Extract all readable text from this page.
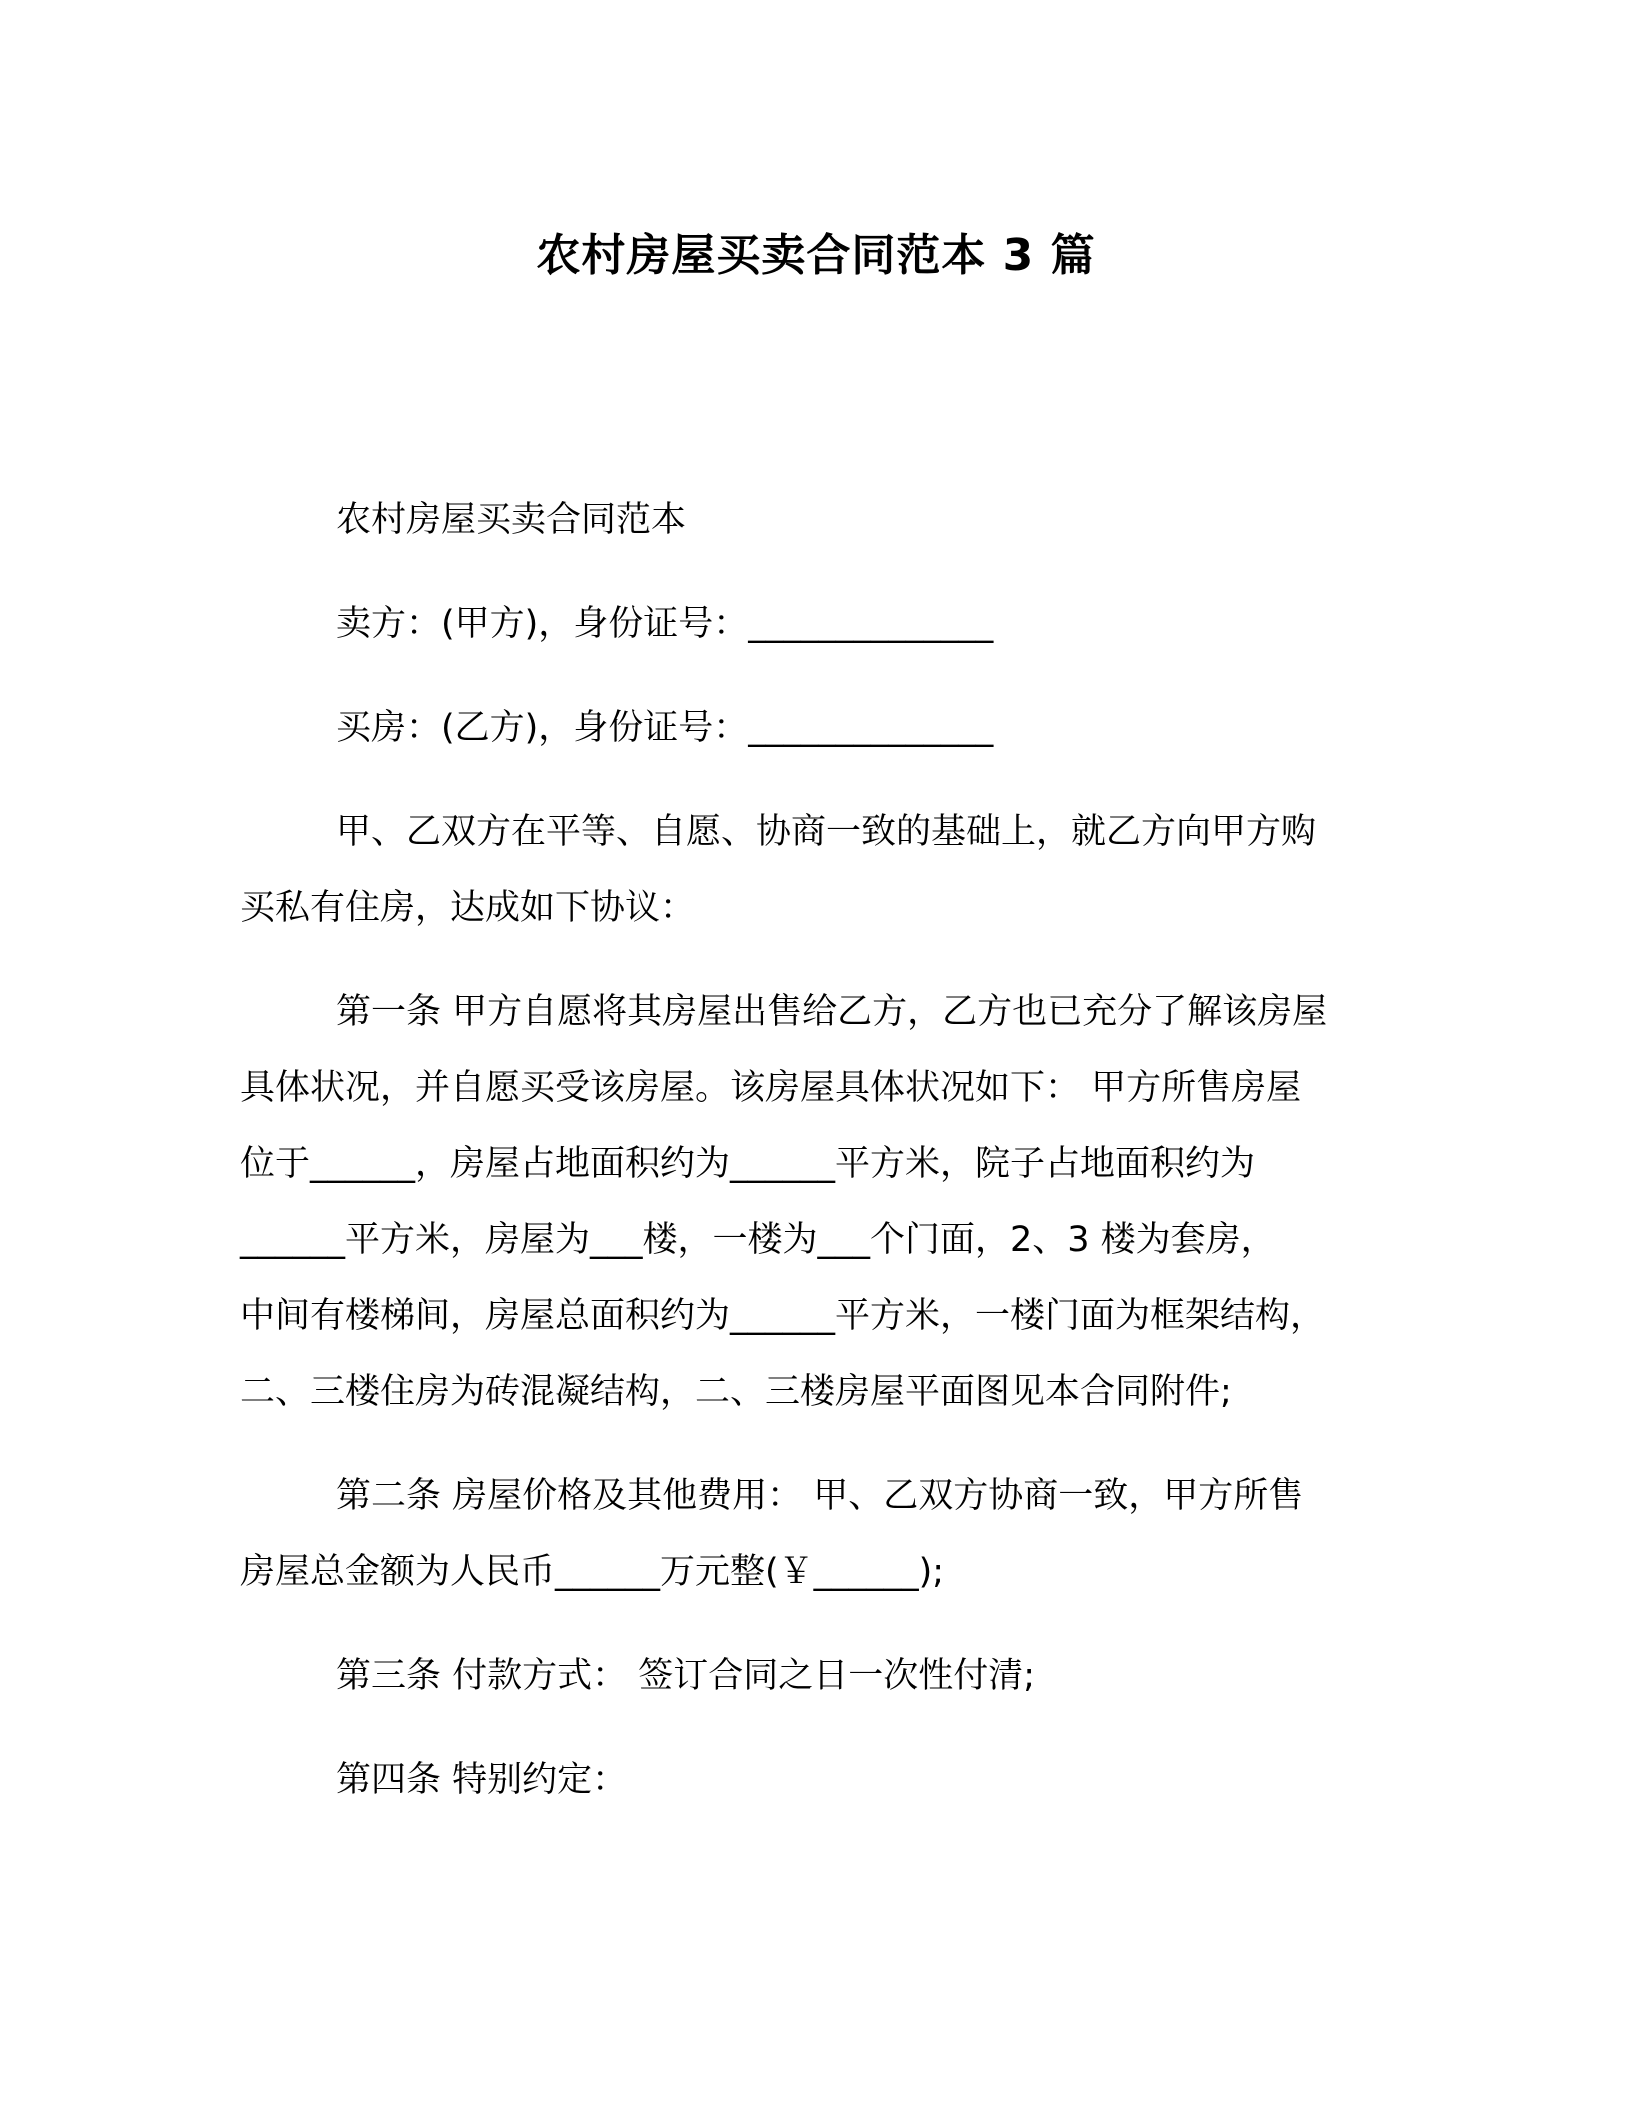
农村房屋买卖合同范本 3 篇
农村房屋买卖合同范本
卖方：(甲方)，身份证号：______________
买房：(乙方)，身份证号：______________
甲、乙双方在平等、自愿、协商一致的基础上，就乙方向甲方购
买私有住房，达成如下协议：
第一条 甲方自愿将其房屋出售给乙方，乙方也已充分了解该房屋
具体状况，并自愿买受该房屋。该房屋具体状况如下： 甲方所售房屋
位于______，房屋占地面积约为______平方米，院子占地面积约为
______平方米，房屋为___楼，一楼为___个门面，2、3 楼为套房，
中间有楼梯间，房屋总面积约为______平方米，一楼门面为框架结构，
二、三楼住房为砖混凝结构，二、三楼房屋平面图见本合同附件;
第二条 房屋价格及其他费用： 甲、乙双方协商一致，甲方所售
房屋总金额为人民币______万元整(￥______);
第三条 付款方式： 签订合同之日一次性付清;
第四条 特别约定：
